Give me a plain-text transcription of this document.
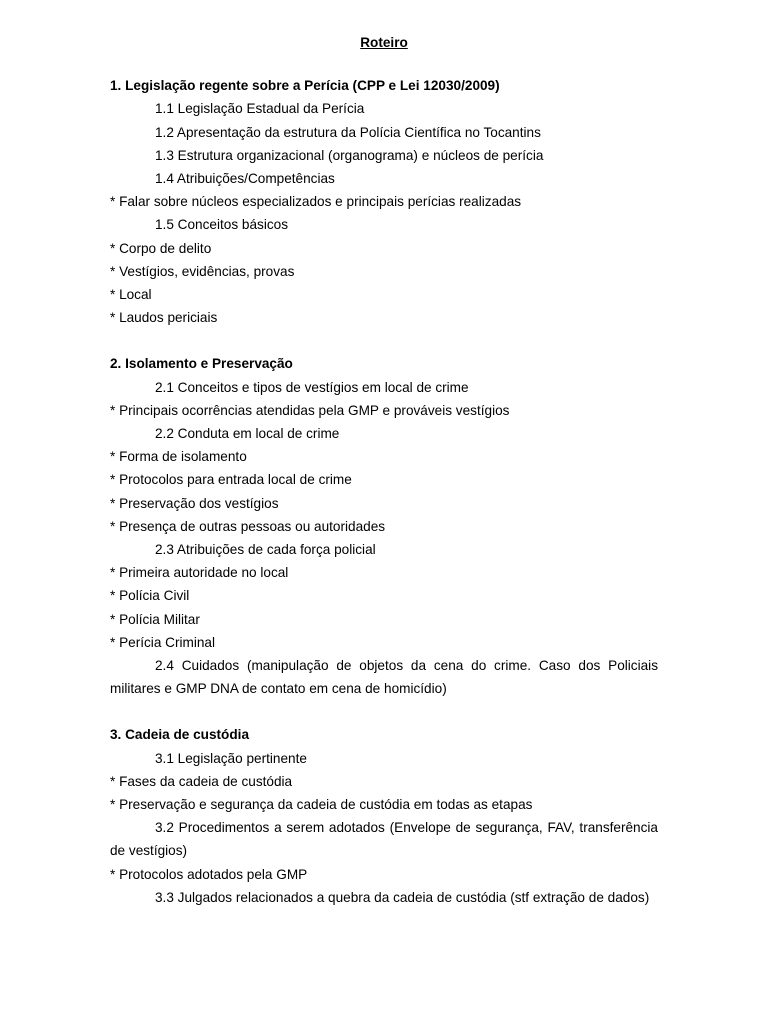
Roteiro
1. Legislação regente sobre a Perícia (CPP e Lei 12030/2009)
1.1 Legislação Estadual da Perícia
1.2 Apresentação da estrutura da Polícia Científica no Tocantins
1.3 Estrutura organizacional (organograma) e núcleos de perícia
1.4 Atribuições/Competências
* Falar sobre núcleos especializados e principais perícias realizadas
1.5 Conceitos básicos
* Corpo de delito
* Vestígios, evidências, provas
* Local
* Laudos periciais
2. Isolamento e Preservação
2.1 Conceitos e tipos de vestígios em local de crime
* Principais ocorrências atendidas pela GMP e prováveis vestígios
2.2 Conduta em local de crime
* Forma de isolamento
* Protocolos para entrada local de crime
* Preservação dos vestígios
* Presença de outras pessoas ou autoridades
2.3 Atribuições de cada força policial
* Primeira autoridade no local
* Polícia Civil
* Polícia Militar
* Perícia Criminal
2.4 Cuidados (manipulação de objetos da cena do crime. Caso dos Policiais militares e GMP DNA de contato em cena de homicídio)
3. Cadeia de custódia
3.1 Legislação pertinente
* Fases da cadeia de custódia
* Preservação e segurança da cadeia de custódia em todas as etapas
3.2 Procedimentos a serem adotados (Envelope de segurança, FAV, transferência de vestígios)
* Protocolos adotados pela GMP
3.3 Julgados relacionados a quebra da cadeia de custódia (stf extração de dados)
